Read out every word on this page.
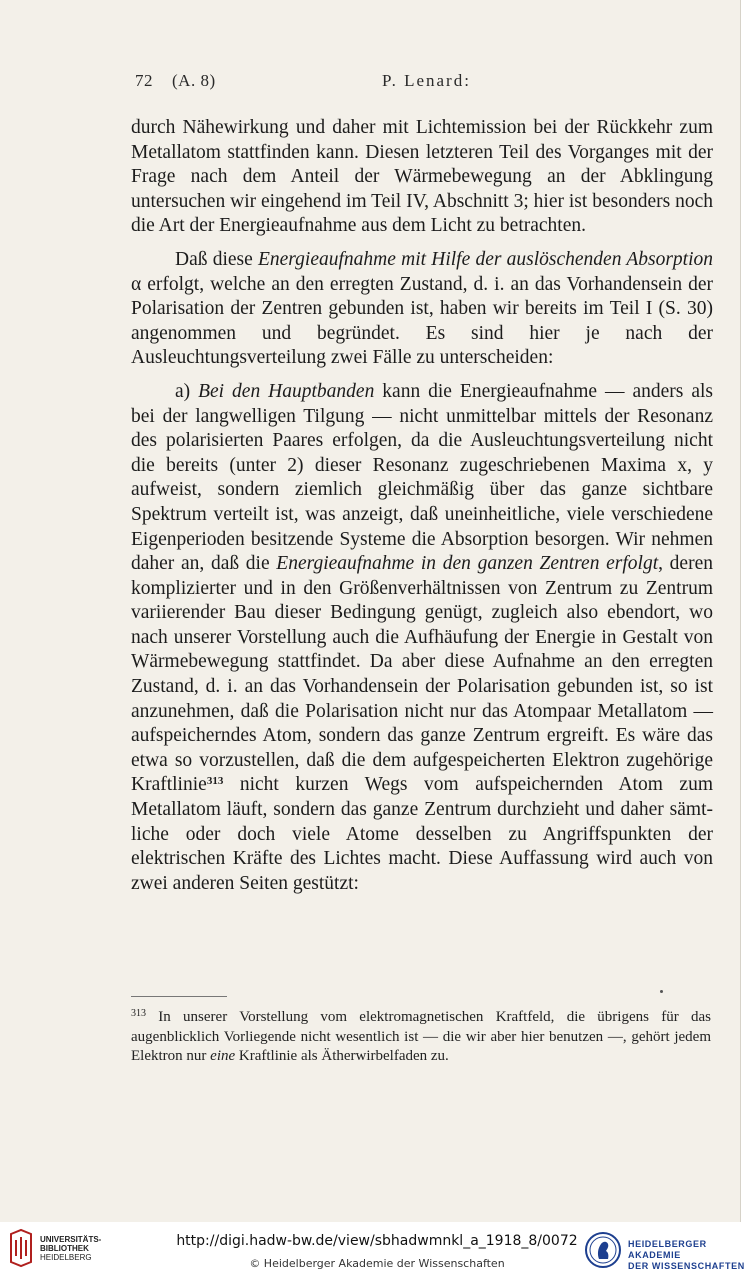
72 (A. 8)	P. Lenard:

durch Nähewirkung und daher mit Lichtemission bei der Rückkehr zum Metallatom stattfinden kann. Diesen letzteren Teil des Vorganges mit der Frage nach dem Anteil der Wärmebewegung an der Abklingung untersuchen wir eingehend im Teil IV, Abschnitt 3; hier ist besonders noch die Art der Energieaufnahme aus dem Licht zu betrachten.

Daß diese Energieaufnahme mit Hilfe der auslöschenden Absorption α erfolgt, welche an den erregten Zustand, d. i. an das Vorhandensein der Polarisation der Zentren gebunden ist, haben wir bereits im Teil I (S. 30) angenommen und begründet. Es sind hier je nach der Ausleuchtungsverteilung zwei Fälle zu unterscheiden:

a) Bei den Hauptbanden kann die Energieaufnahme — anders als bei der langwelligen Tilgung — nicht unmittelbar mittels der Resonanz des polarisierten Paares erfolgen, da die Ausleuchtungsverteilung nicht die bereits (unter 2) dieser Resonanz zugeschriebenen Maxima x, y aufweist, sondern ziemlich gleichmäßig über das ganze sichtbare Spektrum verteilt ist, was anzeigt, daß uneinheitliche, viele verschiedene Eigenperioden besitzende Systeme die Absorption besorgen. Wir nehmen daher an, daß die Energieaufnahme in den ganzen Zentren erfolgt, deren komplizierter und in den Größenverhältnissen von Zentrum zu Zentrum variierender Bau dieser Bedingung genügt, zugleich also ebendort, wo nach unserer Vorstellung auch die Aufhäufung der Energie in Gestalt von Wärmebewegung stattfindet. Da aber diese Aufnahme an den erregten Zustand, d. i. an das Vorhandensein der Polarisation gebunden ist, so ist anzunehmen, daß die Polarisation nicht nur das Atompaar Metallatom — aufspeicherndes Atom, sondern das ganze Zentrum ergreift. Es wäre das etwa so vorzustellen, daß die dem aufgespeicherten Elektron zugehörige Kraftlinie$^{313}$ nicht kurzen Wegs vom aufspeichernden Atom zum Metallatom läuft, sondern das ganze Zentrum durchzieht und daher sämtliche oder doch viele Atome desselben zu Angriffspunkten der elektrischen Kräfte des Lichtes macht. Diese Auffassung wird auch von zwei anderen Seiten gestützt:

$^{313}$ In unserer Vorstellung vom elektromagnetischen Kraftfeld, die übrigens für das augenblicklich Vorliegende nicht wesentlich ist — die wir aber hier benutzen —, gehört jedem Elektron nur eine Kraftlinie als Ätherwirbelfaden zu.
UNIVERSITÄTS-
BIBLIOTHEK
HEIDELBERG
http://digi.hadw-bw.de/view/sbhadwmnkl_a_1918_8/0072
© Heidelberger Akademie der Wissenschaften
HEIDELBERGER AKADEMIE
DER WISSENSCHAFTEN
